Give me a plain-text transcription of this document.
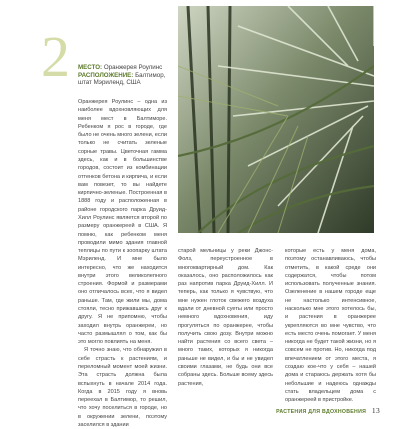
2 МЕСТО: Оранжерея Роулинс
РАСПОЛОЖЕНИЕ: Балтимор, штат Мэриленд, США

Оранжерея Роулинс – одна из наиболее вдохновляющих для меня мест в Балтиморе. Ребенком я рос в городе, где было не очень много зелени, если только не считать зеленые сорные травы. Цветочная гамма здесь, как и в большинстве городов, состоит из комбинации оттенков бетона и кирпича, и если вам повезет, то вы найдете кирпично-зеленые. Построенная в 1888 году и расположенная в районе городского парка Друид-Хилл Роулинс является второй по размеру оранжереей в США. Я помню, как ребенком меня проводили мимо здания главной теплицы по пути к зоопарку штата Мэриленд. И мне было интересно, что же находится внутри этого великолепного строения. Формой и размерами оно отличалось всех, что я видел раньше. Там, где жили мы, дома стояли, тесно прижавшись друг к другу. Я не припомню, чтобы заходил внутрь оранжереи, но часто размышлял о том, как бы это могло повлиять на меня.

Я точно знаю, что обнаружил в себе страсть к растениям, и переломный момент моей жизни. Эта страсть должна была вспыхнуть в начале 2014 года. Когда в 2015 году я вновь переехал в Балтимор, то решил, что хочу поселиться в городе, но в окружении зелени, поэтому заселился в здании

старой мельницы у реки Джонс-Фолз, переустроенное в многоквартирный дом. Как оказалось, оно расположилось как раз напротив парка Друид-Хилл. И теперь, как только я чувствую, что мне нужен глоток свежего воздуха вдали от дневной суеты или просто немного вдохновения, иду прогуляться по оранжерее, чтобы получить свою дозу. Внутри можно найти растения со всего света – много таких, которых я никогда раньше не видел, и бы и не увидел своими глазами, не будь они все собраны здесь. Больше всему здесь растения,

которые есть у меня дома, поэтому останавливаюсь, чтобы отметить, в какой среде они содержатся, чтобы потом использовать полученные знания. Озеленение в нашем городе еще не настолько интенсивное, насколько мне этого хотелось бы, и растения в оранжерее укрепляются во мне чувство, что есть место очень помогает. У меня никогда не будет такой жизни, но я совсем не против. Но, никогда под впечатлением от этого места, я создаю кое-что у себя – нашей дома и стараюсь держать хотя бы небольшие и надеюсь однажды стать владельцем дома с оранжереей в пристройке.

РАСТЕНИЯ ДЛЯ ВДОХНОВЕНИЯ 13
